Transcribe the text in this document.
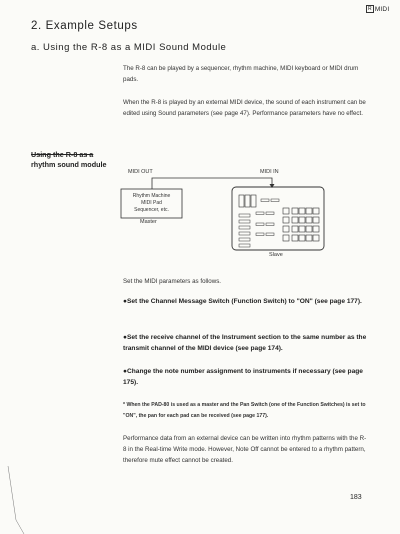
R MIDI
2. Example Setups
a. Using the R-8 as a MIDI Sound Module
The R-8 can be played by a sequencer, rhythm machine, MIDI keyboard or MIDI drum pads.
When the R-8 is played by an external MIDI device, the sound of each instrument can be edited using Sound parameters (see page 47). Performance parameters have no effect.
Using the R-8 as a
rhythm sound module
MIDI OUT	MIDI IN
Rhythm Machine
MIDI Pad
Sequencer, etc.
Master
Slave
Set the MIDI parameters as follows.
●Set the Channel Message Switch (Function Switch) to "ON" (see page 177).
●Set the receive channel of the Instrument section to the same number as the transmit channel of the MIDI device (see page 174).
●Change the note number assignment to instruments if necessary (see page 175).
* When the PAD-80 is used as a master and the Pan Switch (one of the Function Switches) is set to "ON", the pan for each pad can be received (see page 177).
Performance data from an external device can be written into rhythm patterns with the R-8 in the Real-time Write mode. However, Note Off cannot be entered to a rhythm pattern, therefore mute effect cannot be created.
183
